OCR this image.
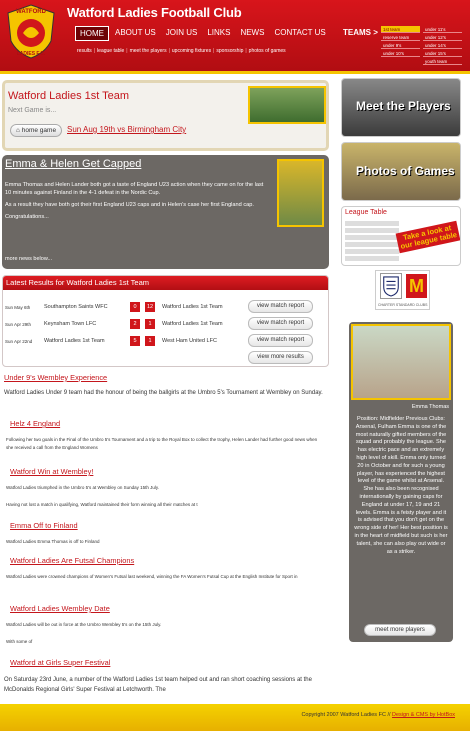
WATFORD
LADIES F.C.
Watford Ladies Football Club
HOME	ABOUT US	JOIN US	LINKS	NEWS	CONTACT US
results | league table | meet the players | upcoming fixtures | sponsorship | photos of games
TEAMS >	1st team	under 11's
reserve team	under 12's
under 9's	under 14's
under 10's	under 15's
youth team
Watford Ladies 1st Team
Next Game is...
⌂ home game	Sun Aug 19th vs Birmingham City
Emma & Helen Get Capped

Emma Thomas and Helen Lander both got a taste of England U23 action when they came on for the last 10 minutes against Finland in the 4-1 defeat in the Nordic Cup.

As a result they have both got their first England U23 caps and in Helen's case her first England cap.

Congratulations...

more news below...
Latest Results for Watford Ladies 1st Team
Sun May 6th	Southampton Saints WFC	0	12	Watford Ladies 1st Team	view match report
Sun Apr 29th	Keynsham Town LFC	2	1	Watford Ladies 1st Team	view match report
Sun Apr 22nd	Watford Ladies 1st Team	5	1	West Ham United LFC	view match report
view more results
Under 9's Wembley Experience
Watford Ladies Under 9 team had the honour of being the ballgirls at the Umbro 5's Tournament at Wembley on Sunday.
Helz 4 England
Following her two goals in the Final of the Umbro 5's Tournament and a trip to the Royal Box to collect the trophy, Helen Lander had further good news when she received a call from the England Womens
Watford Win at Wembley!
Watford Ladies triumphed in the Umbro 5's at Wembley on Sunday 15th July.
Having not lost a match in qualifying, Watford maintained their form winning all their matches at t
Emma Off to Finland
Watford Ladies Emma Thomas is off to Finland
Watford Ladies Are Futsal Champions
Watford Ladies were crowned champions of Women's Futsal last weekend, winning the FA Women's Futsal Cup at the English Institute for Sport in
Watford Ladies Wembley Date
Watford Ladies will be out in force at the Umbro Wembley 5's on the 15th July.
With some of
Watford at Girls Super Festival
On Saturday 23rd June, a number of the Watford Ladies 1st team helped out and ran short coaching sessions at the McDonalds Regional Girls' Super Festival at Letchworth. The
Meet the Players
Photos of Games
League Table
Take a look at our league table
M
CHARTER STANDARD CLUBS
Emma Thomas
Position: Midfielder Previous Clubs: Arsenal, Fulham Emma is one of the most naturally gifted members of the squad and probably the league. She has electric pace and an extremely high level of skill. Emma only turned 20 in October and for such a young player, has experienced the highest level of the game whilst at Arsenal. She has also been recognised internationally by gaining caps for England at under 17, 19 and 21 levels. Emma is a feisty player and it is advised that you don't get on the wrong side of her! Her best position is in the heart of midfield but such is her talent, she can also play out wide or as a striker.
meet more players
Copyright 2007 Watford Ladies FC // Design & CMS by HotBox
